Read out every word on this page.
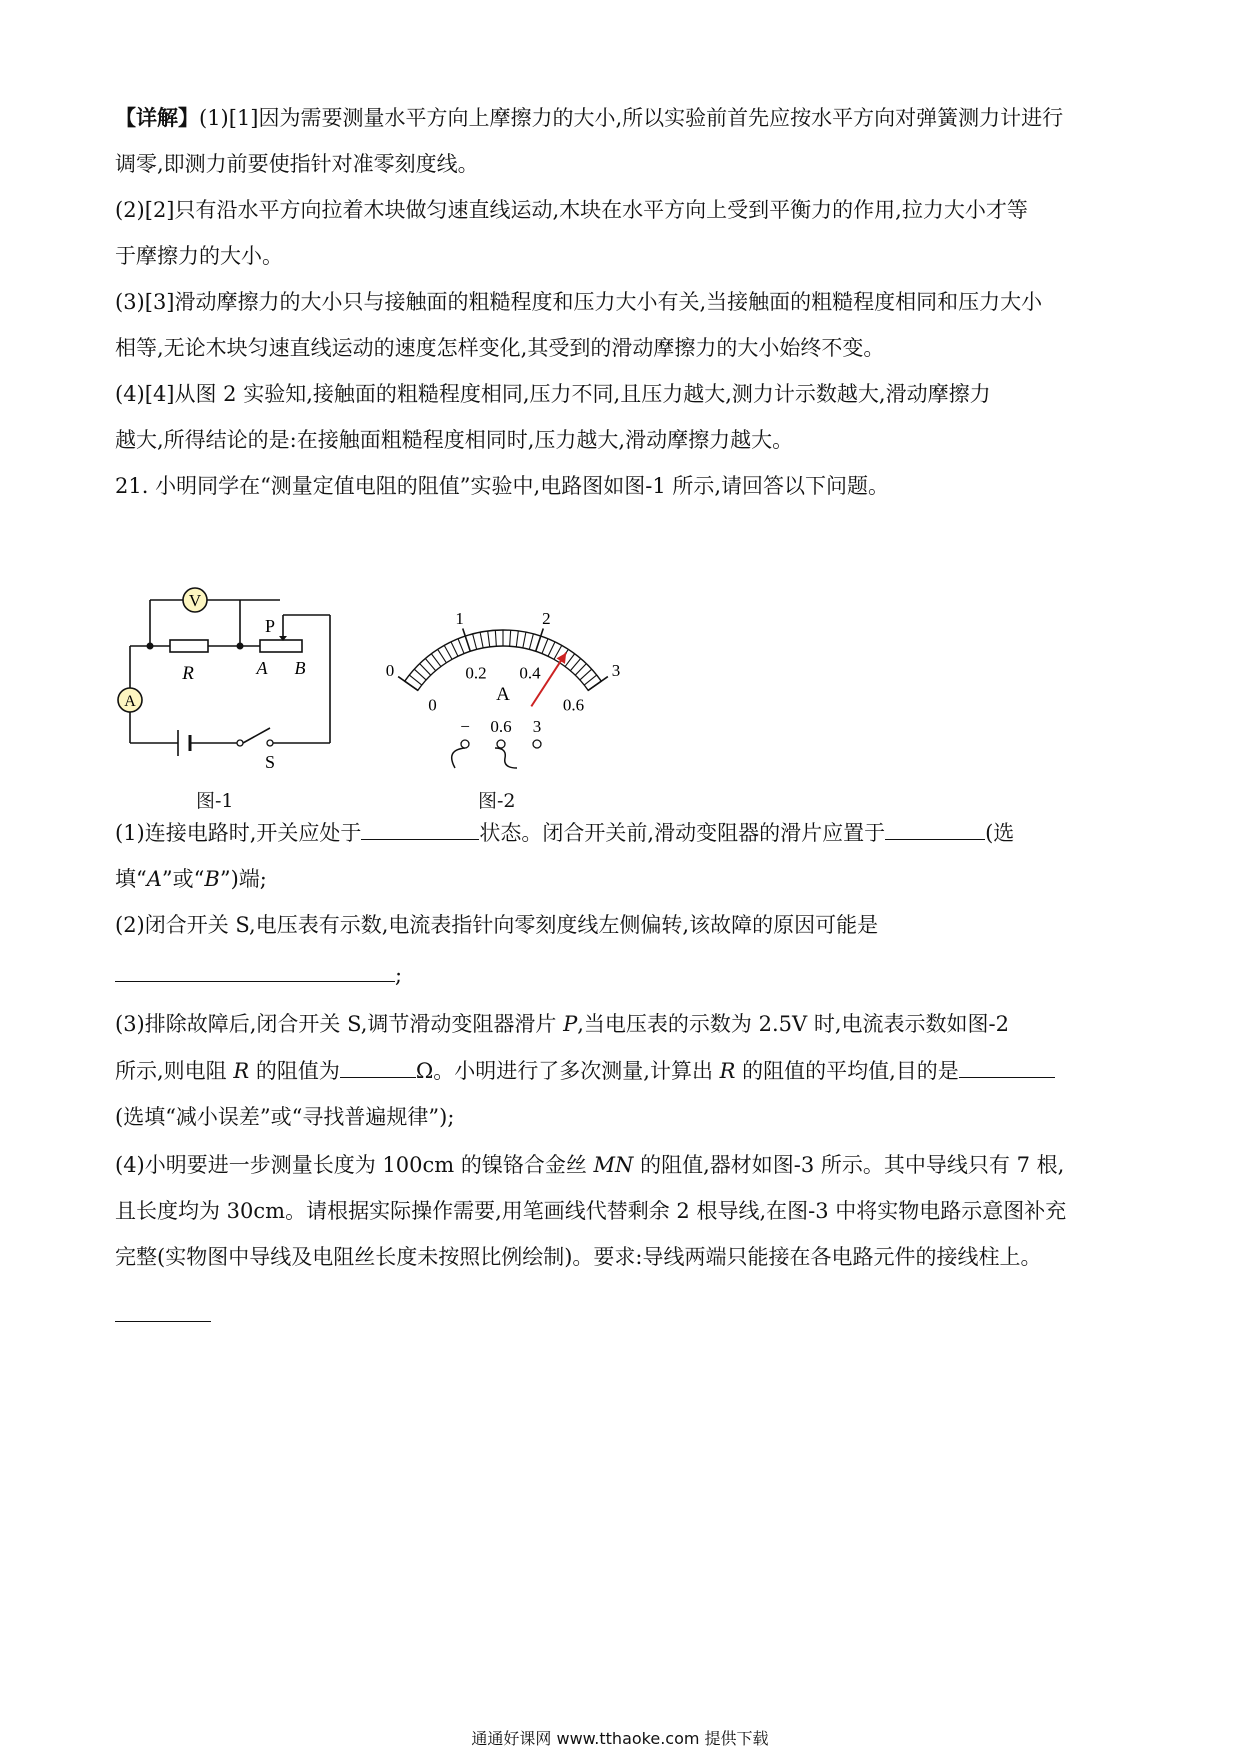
【详解】(1)[1]因为需要测量水平方向上摩擦力的大小,所以实验前首先应按水平方向对弹簧测力计进行
调零,即测力前要使指针对准零刻度线。
(2)[2]只有沿水平方向拉着木块做匀速直线运动,木块在水平方向上受到平衡力的作用,拉力大小才等
于摩擦力的大小。
(3)[3]滑动摩擦力的大小只与接触面的粗糙程度和压力大小有关,当接触面的粗糙程度相同和压力大小
相等,无论木块匀速直线运动的速度怎样变化,其受到的滑动摩擦力的大小始终不变。
(4)[4]从图 2 实验知,接触面的粗糙程度相同,压力不同,且压力越大,测力计示数越大,滑动摩擦力
越大,所得结论的是:在接触面粗糙程度相同时,压力越大,滑动摩擦力越大。
21. 小明同学在“测量定值电阻的阻值”实验中,电路图如图-1 所示,请回答以下问题。
V
A
R
P
A B
S
图-1
0
0
1
0.2
2
0.4	3
0.6
− 0.6 3
A
图-2
(1)连接电路时,开关应处于	状态。闭合开关前,滑动变阻器的滑片应置于	(选
填“A”或“B”)端;
(2)闭合开关 S,电压表有示数,电流表指针向零刻度线左侧偏转,该故障的原因可能是
;
(3)排除故障后,闭合开关 S,调节滑动变阻器滑片 P,当电压表的示数为 2.5V 时,电流表示数如图-2
所示,则电阻 R 的阻值为	Ω。小明进行了多次测量,计算出 R 的阻值的平均值,目的是
(选填“减小误差”或“寻找普遍规律”);
(4)小明要进一步测量长度为 100cm 的镍铬合金丝 MN 的阻值,器材如图-3 所示。其中导线只有 7 根,
且长度均为 30cm。请根据实际操作需要,用笔画线代替剩余 2 根导线,在图-3 中将实物电路示意图补充
完整(实物图中导线及电阻丝长度未按照比例绘制)。要求:导线两端只能接在各电路元件的接线柱上。
通通好课网 www.tthaoke.com 提供下载
